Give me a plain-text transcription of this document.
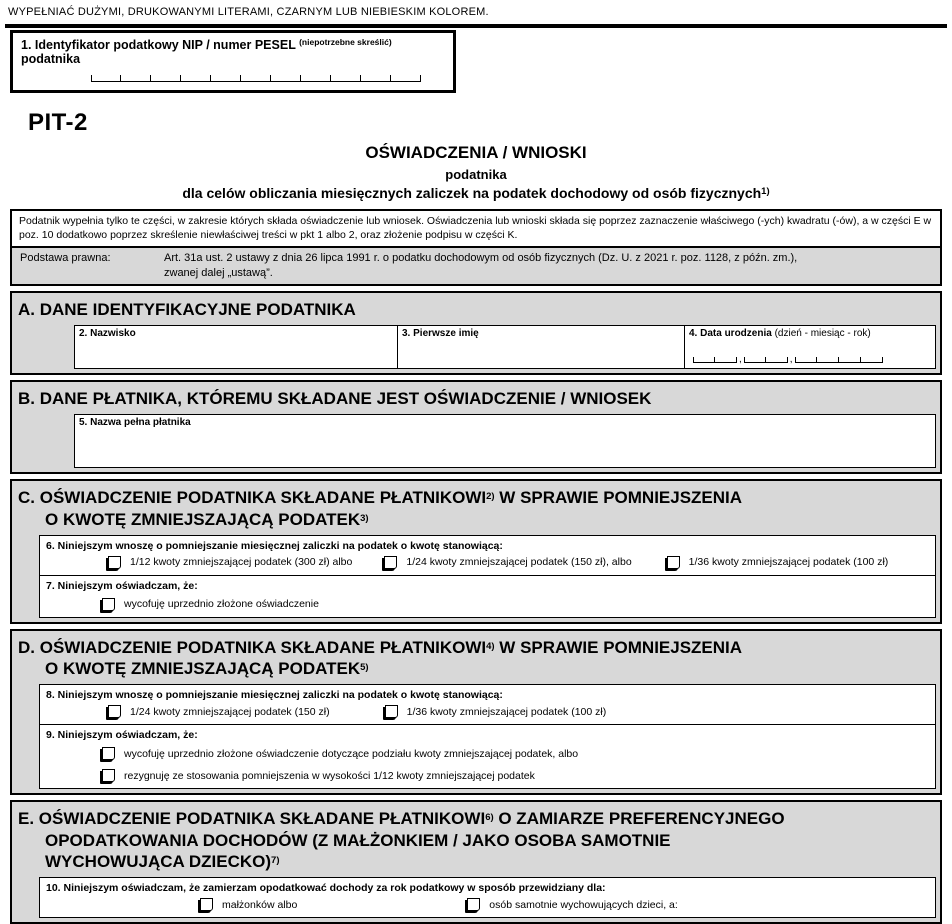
WYPEŁNIAĆ DUŻYMI, DRUKOWANYMI LITERAMI, CZARNYM LUB NIEBIESKIM KOLOREM.
1. Identyfikator podatkowy NIP / numer PESEL $^{(niepotrzebne skreślić)}$ podatnika
PIT-2
OŚWIADCZENIA / WNIOSKI
podatnika
dla celów obliczania miesięcznych zaliczek na podatek dochodowy od osób fizycznych$^{1)}$
Podatnik wypełnia tylko te części, w zakresie których składa oświadczenie lub wniosek. Oświadczenia lub wnioski składa się poprzez zaznaczenie właściwego (-ych) kwadratu (-ów), a w części E w poz. 10 dodatkowo poprzez skreślenie niewłaściwej treści w pkt 1 albo 2, oraz złożenie podpisu w części K.
Podstawa prawna:	Art. 31a ust. 2 ustawy z dnia 26 lipca 1991 r. o podatku dochodowym od osób fizycznych (Dz. U. z 2021 r. poz. 1128, z późn. zm.),
zwanej dalej „ustawą”.
A. DANE IDENTYFIKACYJNE PODATNIKA
2. Nazwisko	3. Pierwsze imię	4. Data urodzenia (dzień - miesiąc - rok)
,	,
B. DANE PŁATNIKA, KTÓREMU SKŁADANE JEST OŚWIADCZENIE / WNIOSEK
5. Nazwa pełna płatnika
C. OŚWIADCZENIE PODATNIKA SKŁADANE PŁATNIKOWI$^{2)}$ W SPRAWIE POMNIEJSZENIA
O KWOTĘ ZMNIEJSZAJĄCĄ PODATEK$^{3)}$
6. Niniejszym wnoszę o pomniejszanie miesięcznej zaliczki na podatek o kwotę stanowiącą:
1/12 kwoty zmniejszającej podatek (300 zł) albo	1/24 kwoty zmniejszającej podatek (150 zł), albo	1/36 kwoty zmniejszającej podatek (100 zł)
7. Niniejszym oświadczam, że:
wycofuję uprzednio złożone oświadczenie
D. OŚWIADCZENIE PODATNIKA SKŁADANE PŁATNIKOWI$^{4)}$ W SPRAWIE POMNIEJSZENIA
O KWOTĘ ZMNIEJSZAJĄCĄ PODATEK$^{5)}$
8. Niniejszym wnoszę o pomniejszanie miesięcznej zaliczki na podatek o kwotę stanowiącą:
1/24 kwoty zmniejszającej podatek (150 zł)	1/36 kwoty zmniejszającej podatek (100 zł)
9. Niniejszym oświadczam, że:
wycofuję uprzednio złożone oświadczenie dotyczące podziału kwoty zmniejszającej podatek, albo
rezygnuję ze stosowania pomniejszenia w wysokości 1/12 kwoty zmniejszającej podatek
E. OŚWIADCZENIE PODATNIKA SKŁADANE PŁATNIKOWI$^{6)}$ O ZAMIARZE PREFERENCYJNEGO
OPODATKOWANIA DOCHODÓW (Z MAŁŻONKIEM / JAKO OSOBA SAMOTNIE
WYCHOWUJĄCA DZIECKO)$^{7)}$
10. Niniejszym oświadczam, że zamierzam opodatkować dochody za rok podatkowy w sposób przewidziany dla:
małżonków albo	osób samotnie wychowujących dzieci, a:
